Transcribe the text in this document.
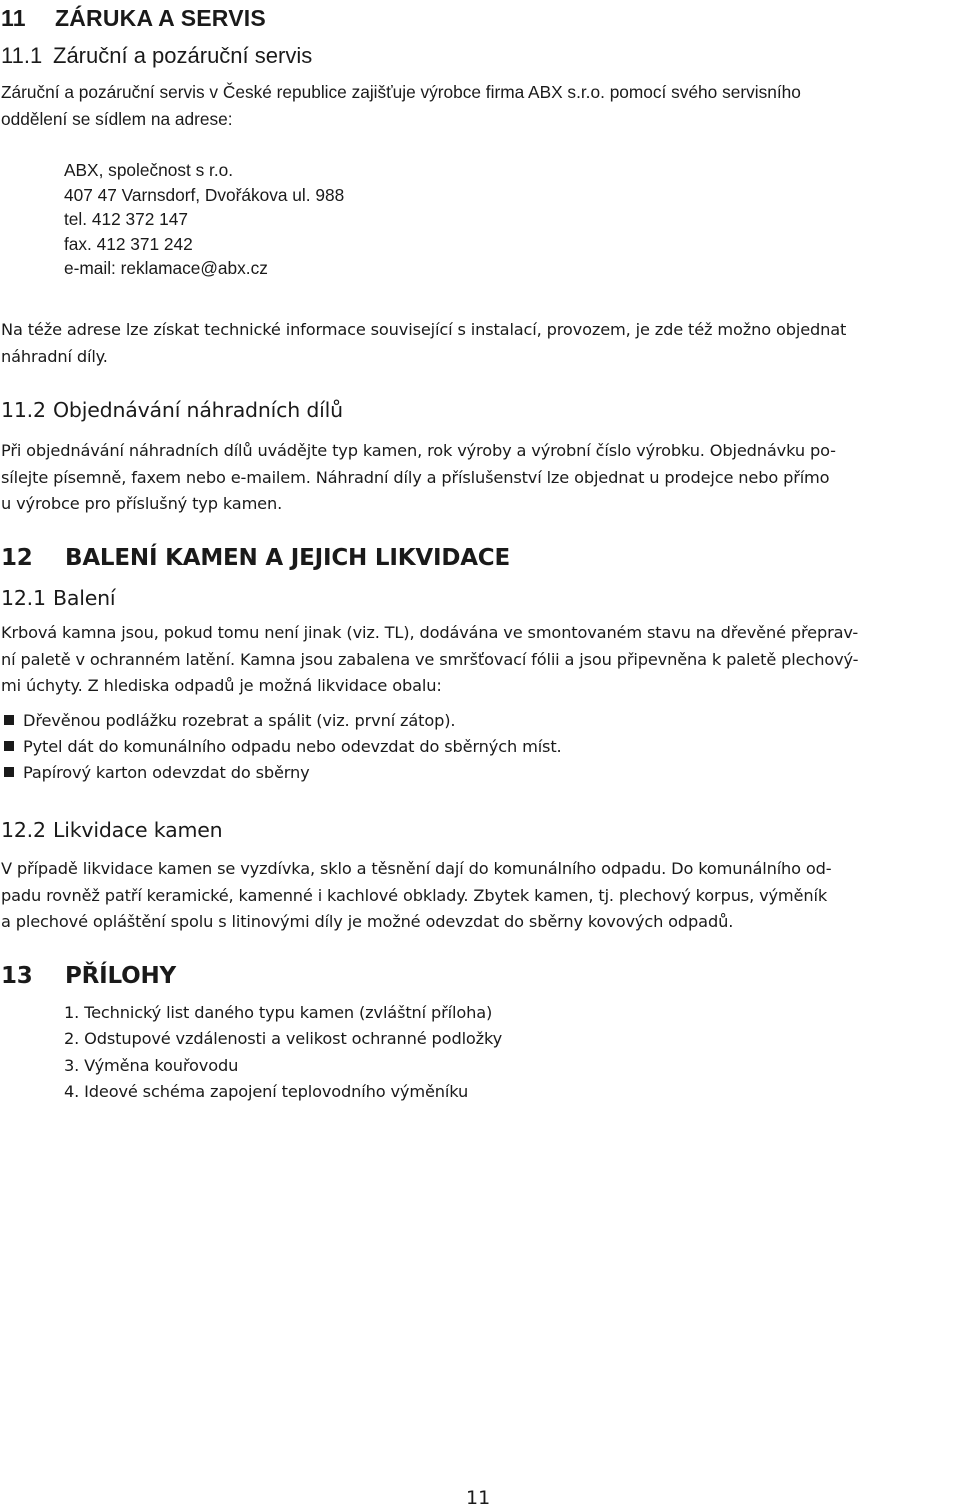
11 ZÁRUKA A SERVIS
11.1 Záruční a pozáruční servis
Záruční a pozáruční servis v České republice zajišťuje výrobce firma ABX s.r.o. pomocí svého servisního
oddělení se sídlem na adrese:
ABX, společnost s r.o.
407 47 Varnsdorf, Dvořákova ul. 988
tel. 412 372 147
fax. 412 371 242
e-mail: reklamace@abx.cz
Na téže adrese lze získat technické informace související s instalací, provozem, je zde též možno objednat
náhradní díly.
11.2 Objednávání náhradních dílů
Při objednávání náhradních dílů uvádějte typ kamen, rok výroby a výrobní číslo výrobku. Objednávku po-
sílejte písemně, faxem nebo e-mailem. Náhradní díly a příslušenství lze objednat u prodejce nebo přímo
u výrobce pro příslušný typ kamen.
12 BALENÍ KAMEN A JEJICH LIKVIDACE
12.1 Balení
Krbová kamna jsou, pokud tomu není jinak (viz. TL), dodávána ve smontovaném stavu na dřevěné přeprav-
ní paletě v ochranném latění. Kamna jsou zabalena ve smršťovací fólii a jsou připevněna k paletě plechový-
mi úchyty. Z hlediska odpadů je možná likvidace obalu:
Dřevěnou podlážku rozebrat a spálit (viz. první zátop).
Pytel dát do komunálního odpadu nebo odevzdat do sběrných míst.
Papírový karton odevzdat do sběrny
12.2 Likvidace kamen
V případě likvidace kamen se vyzdívka, sklo a těsnění dají do komunálního odpadu. Do komunálního od-
padu rovněž patří keramické, kamenné i kachlové obklady. Zbytek kamen, tj. plechový korpus, výměník
a plechové opláštění spolu s litinovými díly je možné odevzdat do sběrny kovových odpadů.
13 PŘÍLOHY
1. Technický list daného typu kamen (zvláštní příloha)
2. Odstupové vzdálenosti a velikost ochranné podložky
3. Výměna kouřovodu
4. Ideové schéma zapojení teplovodního výměníku
11
